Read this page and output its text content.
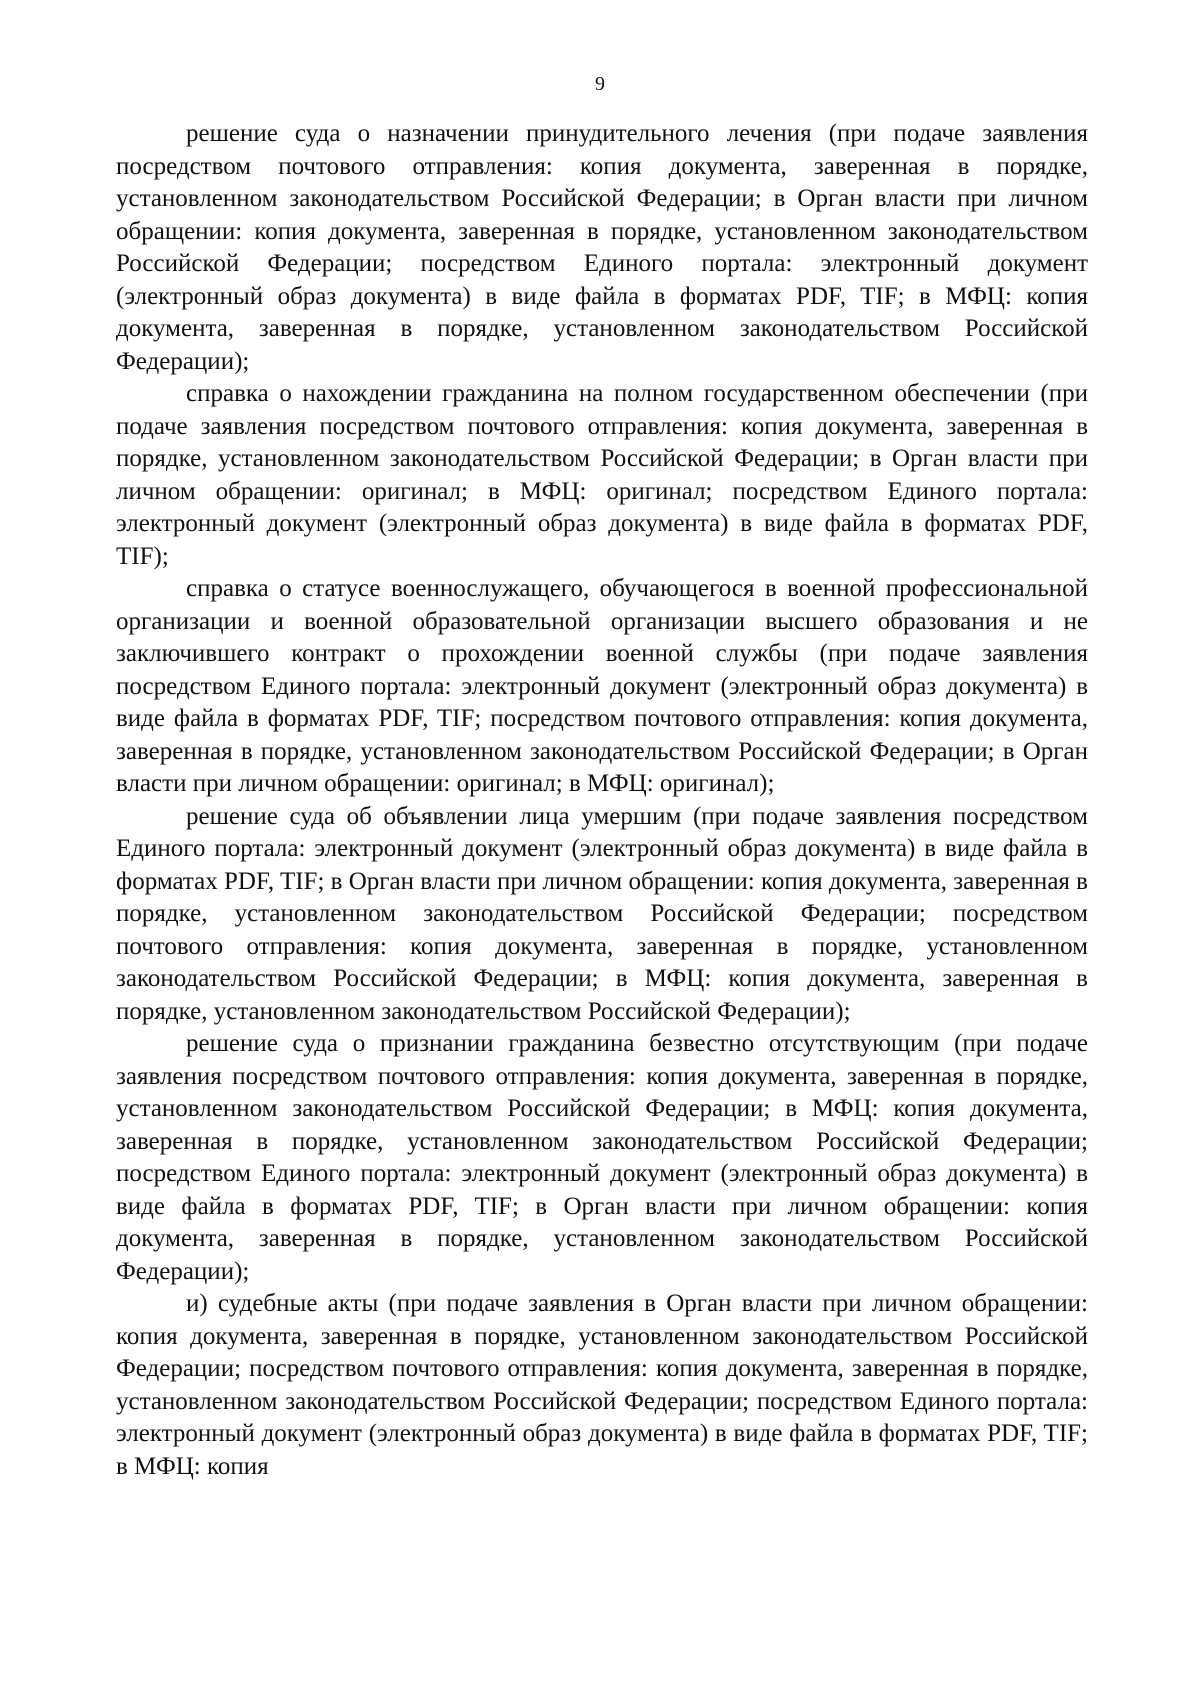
9

решение суда о назначении принудительного лечения (при подаче заявления посредством почтового отправления: копия документа, заверенная в порядке, установленном законодательством Российской Федерации; в Орган власти при личном обращении: копия документа, заверенная в порядке, установленном законодательством Российской Федерации; посредством Единого портала: электронный документ (электронный образ документа) в виде файла в форматах PDF, TIF; в МФЦ: копия документа, заверенная в порядке, установленном законодательством Российской Федерации);

справка о нахождении гражданина на полном государственном обеспечении (при подаче заявления посредством почтового отправления: копия документа, заверенная в порядке, установленном законодательством Российской Федерации; в Орган власти при личном обращении: оригинал; в МФЦ: оригинал; посредством Единого портала: электронный документ (электронный образ документа) в виде файла в форматах PDF, TIF);

справка о статусе военнослужащего, обучающегося в военной профессиональной организации и военной образовательной организации высшего образования и не заключившего контракт о прохождении военной службы (при подаче заявления посредством Единого портала: электронный документ (электронный образ документа) в виде файла в форматах PDF, TIF; посредством почтового отправления: копия документа, заверенная в порядке, установленном законодательством Российской Федерации; в Орган власти при личном обращении: оригинал; в МФЦ: оригинал);

решение суда об объявлении лица умершим (при подаче заявления посредством Единого портала: электронный документ (электронный образ документа) в виде файла в форматах PDF, TIF; в Орган власти при личном обращении: копия документа, заверенная в порядке, установленном законодательством Российской Федерации; посредством почтового отправления: копия документа, заверенная в порядке, установленном законодательством Российской Федерации; в МФЦ: копия документа, заверенная в порядке, установленном законодательством Российской Федерации);

решение суда о признании гражданина безвестно отсутствующим (при подаче заявления посредством почтового отправления: копия документа, заверенная в порядке, установленном законодательством Российской Федерации; в МФЦ: копия документа, заверенная в порядке, установленном законодательством Российской Федерации; посредством Единого портала: электронный документ (электронный образ документа) в виде файла в форматах PDF, TIF; в Орган власти при личном обращении: копия документа, заверенная в порядке, установленном законодательством Российской Федерации);

и) судебные акты (при подаче заявления в Орган власти при личном обращении: копия документа, заверенная в порядке, установленном законодательством Российской Федерации; посредством почтового отправления: копия документа, заверенная в порядке, установленном законодательством Российской Федерации; посредством Единого портала: электронный документ (электронный образ документа) в виде файла в форматах PDF, TIF; в МФЦ: копия
